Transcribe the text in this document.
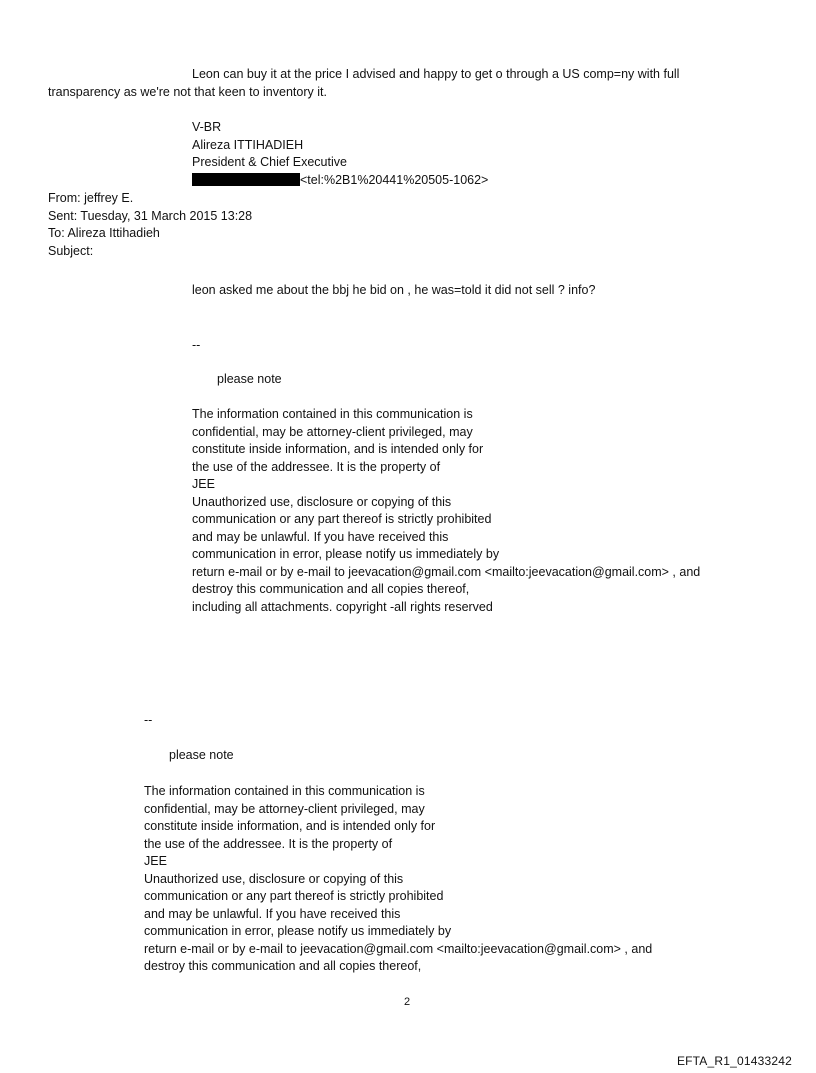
Leon can buy it at the price I advised and happy to get o through a US comp=ny with full
transparency as we're not that keen to inventory it.
V-BR
Alireza ITTIHADIEH
President & Chief Executive
<tel:%2B1%20441%20505-1062>
From: jeffrey E.
Sent: Tuesday, 31 March 2015 13:28
To: Alireza Ittihadieh
Subject:
leon asked me about the bbj he bid on , he was=told it did not sell ? info?
--
please note
The information contained in this communication is
confidential, may be attorney-client privileged, may
constitute inside information, and is intended only for
the use of the addressee. It is the property of
JEE
Unauthorized use, disclosure or copying of this
communication or any part thereof is strictly prohibited
and may be unlawful. If you have received this
communication in error, please notify us immediately by
return e-mail or by e-mail to jeevacation@gmail.com <mailto:jeevacation@gmail.com> , and
destroy this communication and all copies thereof,
including all attachments. copyright -all rights reserved
--
please note
The information contained in this communication is
confidential, may be attorney-client privileged, may
constitute inside information, and is intended only for
the use of the addressee. It is the property of
JEE
Unauthorized use, disclosure or copying of this
communication or any part thereof is strictly prohibited
and may be unlawful. If you have received this
communication in error, please notify us immediately by
return e-mail or by e-mail to jeevacation@gmail.com <mailto:jeevacation@gmail.com> , and
destroy this communication and all copies thereof,
2
EFTA_R1_01433242
